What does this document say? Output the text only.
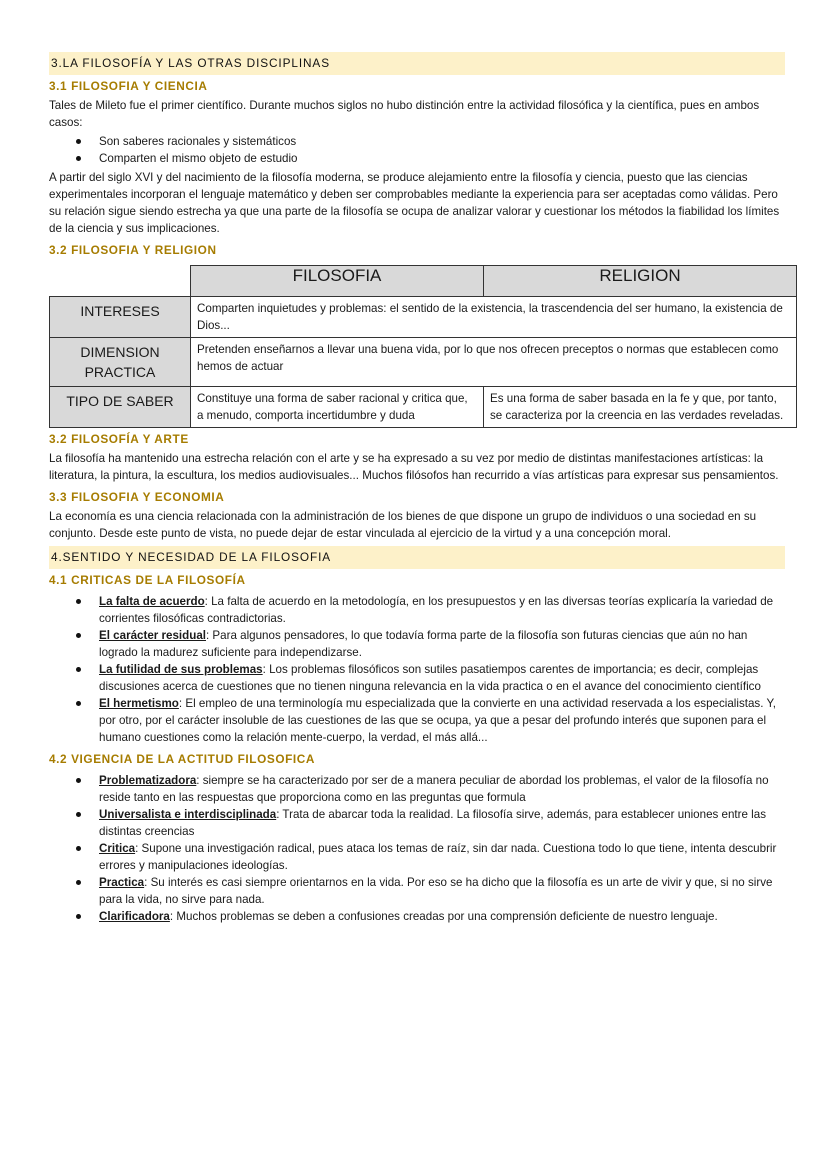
3.LA FILOSOFÍA Y LAS OTRAS DISCIPLINAS
3.1 FILOSOFIA Y CIENCIA

Tales de Mileto fue el primer científico. Durante muchos siglos no hubo distinción entre la actividad filosófica y la científica, pues en ambos casos:

Son saberes racionales y sistemáticos
Comparten el mismo objeto de estudio

A partir del siglo XVI y del nacimiento de la filosofía moderna, se produce alejamiento entre la filosofía y ciencia, puesto que las ciencias experimentales incorporan el lenguaje matemático y deben ser comprobables mediante la experiencia para ser aceptadas como válidas. Pero su relación sigue siendo estrecha ya que una parte de la filosofía se ocupa de analizar valorar y cuestionar los métodos la fiabilidad los límites de la ciencia y sus implicaciones.

3.2 FILOSOFIA Y RELIGION
	FILOSOFIA	RELIGION
INTERESES	Comparten inquietudes y problemas: el sentido de la existencia, la trascendencia del ser humano, la existencia de Dios...	
DIMENSION PRACTICA	Pretenden enseñarnos a llevar una buena vida, por lo que nos ofrecen preceptos o normas que establecen como hemos de actuar	
TIPO DE SABER	Constituye una forma de saber racional y critica que, a menudo, comporta incertidumbre y duda	Es una forma de saber basada en la fe y que, por tanto, se caracteriza por la creencia en las verdades reveladas.
3.2 FILOSOFÍA Y ARTE

La filosofía ha mantenido una estrecha relación con el arte y se ha expresado a su vez por medio de distintas manifestaciones artísticas: la literatura, la pintura, la escultura, los medios audiovisuales... Muchos filósofos han recurrido a vías artísticas para expresar sus pensamientos.

3.3 FILOSOFIA Y ECONOMIA

La economía es una ciencia relacionada con la administración de los bienes de que dispone un grupo de individuos o una sociedad en su conjunto. Desde este punto de vista, no puede dejar de estar vinculada al ejercicio de la virtud y a una concepción moral.

4.SENTIDO Y NECESIDAD DE LA FILOSOFIA
4.1 CRITICAS DE LA FILOSOFÍA
La falta de acuerdo: La falta de acuerdo en la metodología, en los presupuestos y en las diversas teorías explicaría la variedad de corrientes filosóficas contradictorias.
El carácter residual: Para algunos pensadores, lo que todavía forma parte de la filosofía son futuras ciencias que aún no han logrado la madurez suficiente para independizarse.
La futilidad de sus problemas: Los problemas filosóficos son sutiles pasatiempos carentes de importancia; es decir, complejas discusiones acerca de cuestiones que no tienen ninguna relevancia en la vida practica o en el avance del conocimiento científico
El hermetismo: El empleo de una terminología mu especializada que la convierte en una actividad reservada a los especialistas. Y, por otro, por el carácter insoluble de las cuestiones de las que se ocupa, ya que a pesar del profundo interés que suponen para el humano cuestiones como la relación mente-cuerpo, la verdad, el más allá...
4.2 VIGENCIA DE LA ACTITUD FILOSOFICA
Problematizadora: siempre se ha caracterizado por ser de a manera peculiar de abordad los problemas, el valor de la filosofía no reside tanto en las respuestas que proporciona como en las preguntas que formula
Universalista e interdisciplinada: Trata de abarcar toda la realidad. La filosofía sirve, además, para establecer uniones entre las distintas creencias
Critica: Supone una investigación radical, pues ataca los temas de raíz, sin dar nada. Cuestiona todo lo que tiene, intenta descubrir errores y manipulaciones ideologías.
Practica: Su interés es casi siempre orientarnos en la vida. Por eso se ha dicho que la filosofía es un arte de vivir y que, si no sirve para la vida, no sirve para nada.
Clarificadora: Muchos problemas se deben a confusiones creadas por una comprensión deficiente de nuestro lenguaje.
